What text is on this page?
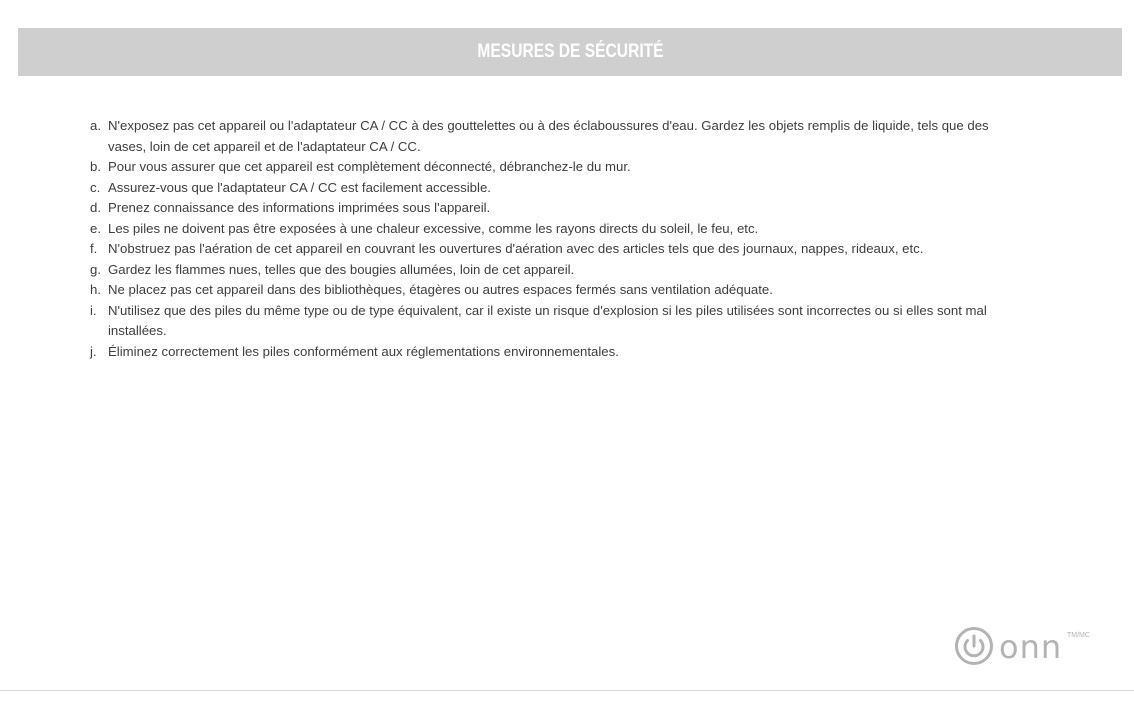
MESURES DE SÉCURITÉ
a. N'exposez pas cet appareil ou l'adaptateur CA / CC à des gouttelettes ou à des éclaboussures d'eau. Gardez les objets remplis de liquide, tels que des vases, loin de cet appareil et de l'adaptateur CA / CC.
b. Pour vous assurer que cet appareil est complètement déconnecté, débranchez-le du mur.
c. Assurez-vous que l'adaptateur CA / CC est facilement accessible.
d. Prenez connaissance des informations imprimées sous l'appareil.
e. Les piles ne doivent pas être exposées à une chaleur excessive, comme les rayons directs du soleil, le feu, etc.
f. N'obstruez pas l'aération de cet appareil en couvrant les ouvertures d'aération avec des articles tels que des journaux, nappes, rideaux, etc.
g. Gardez les flammes nues, telles que des bougies allumées, loin de cet appareil.
h. Ne placez pas cet appareil dans des bibliothèques, étagères ou autres espaces fermés sans ventilation adéquate.
i. N'utilisez que des piles du même type ou de type équivalent, car il existe un risque d'explosion si les piles utilisées sont incorrectes ou si elles sont mal installées.
j. Éliminez correctement les piles conformément aux réglementations environnementales.
onn TM/MC
